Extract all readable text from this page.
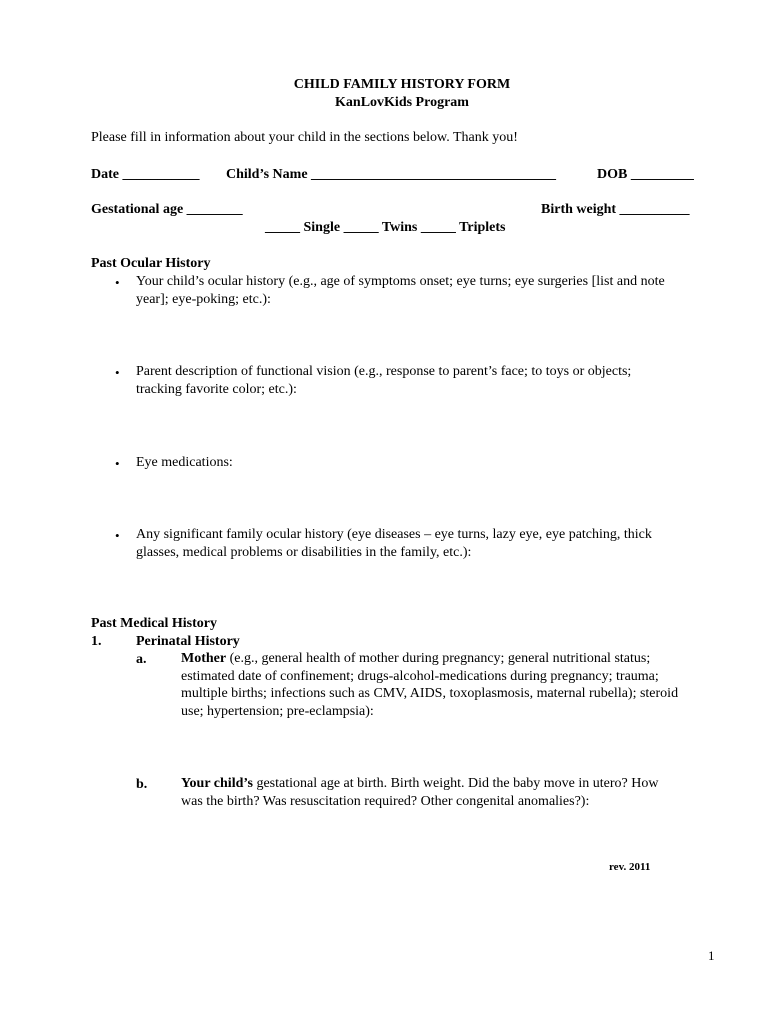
CHILD FAMILY HISTORY FORM
KanLovKids Program
Please fill in information about your child in the sections below. Thank you!
Date ___________ Child’s Name ___________________________________	DOB _________
Gestational age ________	Birth weight __________
_____ Single _____ Twins _____ Triplets
Past Ocular History
• Your child’s ocular history (e.g., age of symptoms onset; eye turns; eye surgeries [list and note
year]; eye-poking; etc.):
• Parent description of functional vision (e.g., response to parent’s face; to toys or objects;
tracking favorite color; etc.):
• Eye medications:
• Any significant family ocular history (eye diseases – eye turns, lazy eye, eye patching, thick
glasses, medical problems or disabilities in the family, etc.):
Past Medical History
1. Perinatal History
a. Mother (e.g., general health of mother during pregnancy; general nutritional status;
estimated date of confinement; drugs-alcohol-medications during pregnancy; trauma;
multiple births; infections such as CMV, AIDS, toxoplasmosis, maternal rubella); steroid
use; hypertension; pre-eclampsia):
b. Your child’s gestational age at birth. Birth weight. Did the baby move in utero? How
was the birth? Was resuscitation required? Other congenital anomalies?):
rev. 2011
1
